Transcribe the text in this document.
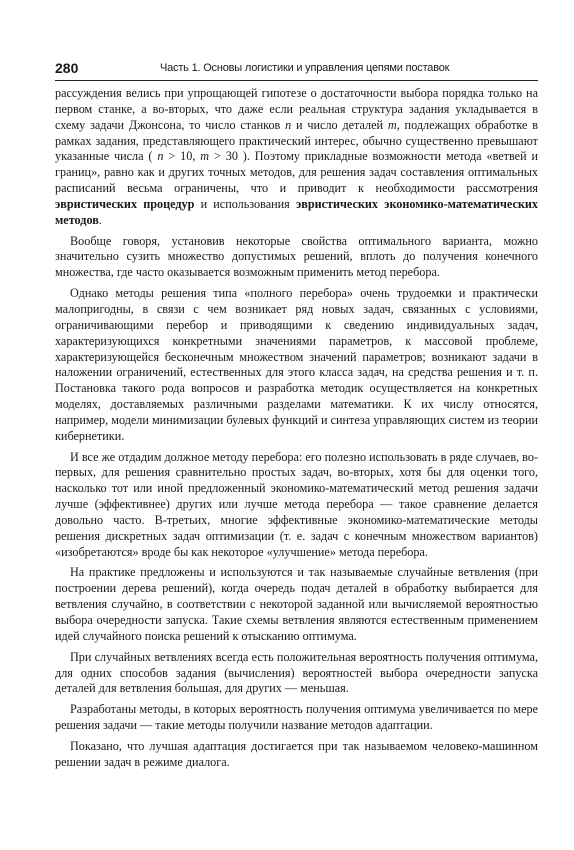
280	Часть 1. Основы логистики и управления цепями поставок

рассуждения велись при упрощающей гипотезе о достаточности выбора порядка только на первом станке, а во-вторых, что даже если реальная структура задания укладывается в схему задачи Джонсона, то число станков n и число деталей m, подлежащих обработке в рамках задания, представляющего практический интерес, обычно существенно превышают указанные числа ( n > 10, m > 30 ). Поэтому прикладные возможности метода «ветвей и границ», равно как и других точных методов, для решения задач составления оптимальных расписаний весьма ограничены, что и приводит к необходимости рассмотрения эвристических процедур и использования эвристических экономико-математических методов.

Вообще говоря, установив некоторые свойства оптимального варианта, можно значительно сузить множество допустимых решений, вплоть до получения конечного множества, где часто оказывается возможным применить метод перебора.

Однако методы решения типа «полного перебора» очень трудоемки и практически малопригодны, в связи с чем возникает ряд новых задач, связанных с условиями, ограничивающими перебор и приводящими к сведению индивидуальных задач, характеризующихся конкретными значениями параметров, к массовой проблеме, характеризующейся бесконечным множеством значений параметров; возникают задачи в наложении ограничений, естественных для этого класса задач, на средства решения и т. п. Постановка такого рода вопросов и разработка методик осуществляется на конкретных моделях, доставляемых различными разделами математики. К их числу относятся, например, модели минимизации булевых функций и синтеза управляющих систем из теории кибернетики.

И все же отдадим должное методу перебора: его полезно использовать в ряде случаев, во-первых, для решения сравнительно простых задач, во-вторых, хотя бы для оценки того, насколько тот или иной предложенный экономико-математический метод решения задачи лучше (эффективнее) других или лучше метода перебора — такое сравнение делается довольно часто. В-третьих, многие эффективные экономико-математические методы решения дискретных задач оптимизации (т. е. задач с конечным множеством вариантов) «изобретаются» вроде бы как некоторое «улучшение» метода перебора.

На практике предложены и используются и так называемые случайные ветвления (при построении дерева решений), когда очередь подач деталей в обработку выбирается для ветвления случайно, в соответствии с некоторой заданной или вычисляемой вероятностью выбора очередности запуска. Такие схемы ветвления являются естественным применением идей случайного поиска решений к отысканию оптимума.

При случайных ветвлениях всегда есть положительная вероятность получения оптимума, для одних способов задания (вычисления) вероятностей выбора очередности запуска деталей для ветвления бо́льшая, для других — меньшая.

Разработаны методы, в которых вероятность получения оптимума увеличивается по мере решения задачи — такие методы получили название методов адаптации.

Показано, что лучшая адаптация достигается при так называемом человеко-машинном решении задач в режиме диалога.
